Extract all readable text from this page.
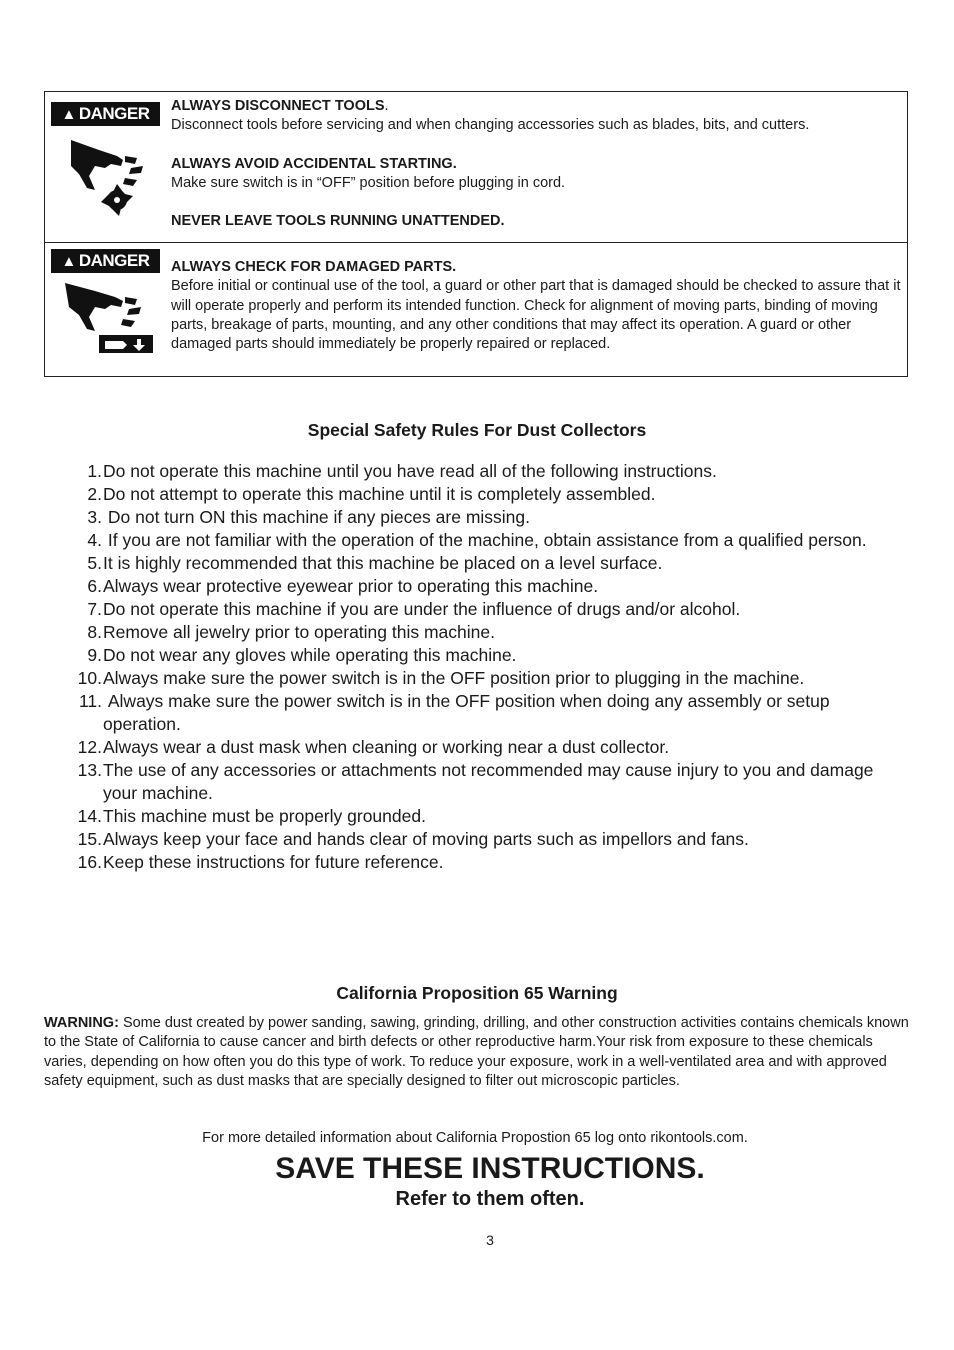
▲ DANGER ALWAYS DISCONNECT TOOLS.

Disconnect tools before servicing and when changing accessories such as blades, bits, and cutters.

ALWAYS AVOID ACCIDENTAL STARTING.

Make sure switch is in “OFF” position before plugging in cord.

NEVER LEAVE TOOLS RUNNING UNATTENDED.

▲ DANGER ALWAYS CHECK FOR DAMAGED PARTS.

Before initial or continual use of the tool, a guard or other part that is damaged should be checked to assure that it will operate properly and perform its intended function. Check for alignment of moving parts, binding of moving parts, breakage of parts, mounting, and any other conditions that may affect its operation. A guard or other damaged parts should immediately be properly repaired or replaced.

Special Safety Rules For Dust Collectors
1. Do not operate this machine until you have read all of the following instructions.
2. Do not attempt to operate this machine until it is completely assembled.
3. Do not turn ON this machine if any pieces are missing.
4. If you are not familiar with the operation of the machine, obtain assistance from a qualified person.
5. It is highly recommended that this machine be placed on a level surface.
6. Always wear protective eyewear prior to operating this machine.
7. Do not operate this machine if you are under the influence of drugs and/or alcohol.
8. Remove all jewelry prior to operating this machine.
9. Do not wear any gloves while operating this machine.
10. Always make sure the power switch is in the OFF position prior to plugging in the machine.
11. Always make sure the power switch is in the OFF position when doing any assembly or setup operation.
12. Always wear a dust mask when cleaning or working near a dust collector.
13. The use of any accessories or attachments not recommended may cause injury to you and damage your machine.
14. This machine must be properly grounded.
15. Always keep your face and hands clear of moving parts such as impellors and fans.
16. Keep these instructions for future reference.
California Proposition 65 Warning
WARNING: Some dust created by power sanding, sawing, grinding, drilling, and other construction activities contains chemicals known to the State of California to cause cancer and birth defects or other reproductive harm.Your risk from exposure to these chemicals varies, depending on how often you do this type of work. To reduce your exposure, work in a well-ventilated area and with approved safety equipment, such as dust masks that are specially designed to filter out microscopic particles.
For more detailed information about California Propostion 65 log onto rikontools.com.
SAVE THESE INSTRUCTIONS.
Refer to them often.
3
